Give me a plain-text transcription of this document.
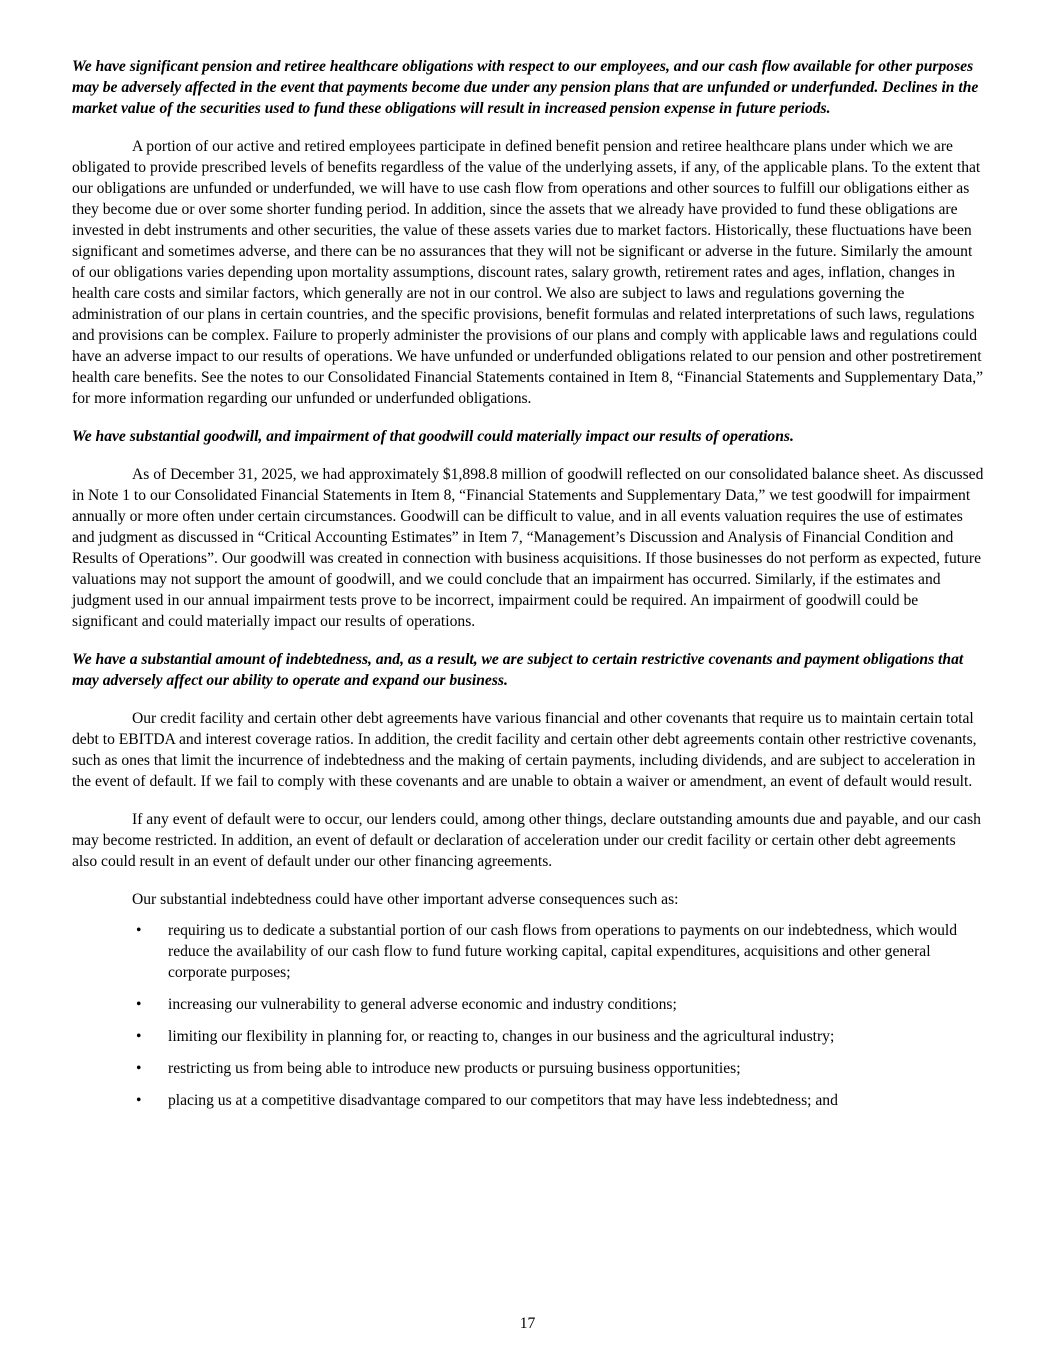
We have significant pension and retiree healthcare obligations with respect to our employees, and our cash flow available for other purposes may be adversely affected in the event that payments become due under any pension plans that are unfunded or underfunded. Declines in the market value of the securities used to fund these obligations will result in increased pension expense in future periods.

A portion of our active and retired employees participate in defined benefit pension and retiree healthcare plans under which we are obligated to provide prescribed levels of benefits regardless of the value of the underlying assets, if any, of the applicable plans. To the extent that our obligations are unfunded or underfunded, we will have to use cash flow from operations and other sources to fulfill our obligations either as they become due or over some shorter funding period. In addition, since the assets that we already have provided to fund these obligations are invested in debt instruments and other securities, the value of these assets varies due to market factors. Historically, these fluctuations have been significant and sometimes adverse, and there can be no assurances that they will not be significant or adverse in the future. Similarly the amount of our obligations varies depending upon mortality assumptions, discount rates, salary growth, retirement rates and ages, inflation, changes in health care costs and similar factors, which generally are not in our control. We also are subject to laws and regulations governing the administration of our plans in certain countries, and the specific provisions, benefit formulas and related interpretations of such laws, regulations and provisions can be complex. Failure to properly administer the provisions of our plans and comply with applicable laws and regulations could have an adverse impact to our results of operations. We have unfunded or underfunded obligations related to our pension and other postretirement health care benefits. See the notes to our Consolidated Financial Statements contained in Item 8, “Financial Statements and Supplementary Data,” for more information regarding our unfunded or underfunded obligations.

We have substantial goodwill, and impairment of that goodwill could materially impact our results of operations.

As of December 31, 2025, we had approximately $1,898.8 million of goodwill reflected on our consolidated balance sheet. As discussed in Note 1 to our Consolidated Financial Statements in Item 8, “Financial Statements and Supplementary Data,” we test goodwill for impairment annually or more often under certain circumstances. Goodwill can be difficult to value, and in all events valuation requires the use of estimates and judgment as discussed in “Critical Accounting Estimates” in Item 7, “Management’s Discussion and Analysis of Financial Condition and Results of Operations”. Our goodwill was created in connection with business acquisitions. If those businesses do not perform as expected, future valuations may not support the amount of goodwill, and we could conclude that an impairment has occurred. Similarly, if the estimates and judgment used in our annual impairment tests prove to be incorrect, impairment could be required. An impairment of goodwill could be significant and could materially impact our results of operations.

We have a substantial amount of indebtedness, and, as a result, we are subject to certain restrictive covenants and payment obligations that may adversely affect our ability to operate and expand our business.

Our credit facility and certain other debt agreements have various financial and other covenants that require us to maintain certain total debt to EBITDA and interest coverage ratios. In addition, the credit facility and certain other debt agreements contain other restrictive covenants, such as ones that limit the incurrence of indebtedness and the making of certain payments, including dividends, and are subject to acceleration in the event of default. If we fail to comply with these covenants and are unable to obtain a waiver or amendment, an event of default would result.

If any event of default were to occur, our lenders could, among other things, declare outstanding amounts due and payable, and our cash may become restricted. In addition, an event of default or declaration of acceleration under our credit facility or certain other debt agreements also could result in an event of default under our other financing agreements.

Our substantial indebtedness could have other important adverse consequences such as:

• requiring us to dedicate a substantial portion of our cash flows from operations to payments on our indebtedness, which would reduce the availability of our cash flow to fund future working capital, capital expenditures, acquisitions and other general corporate purposes;
• increasing our vulnerability to general adverse economic and industry conditions;
• limiting our flexibility in planning for, or reacting to, changes in our business and the agricultural industry;
• restricting us from being able to introduce new products or pursuing business opportunities;
• placing us at a competitive disadvantage compared to our competitors that may have less indebtedness; and
17
